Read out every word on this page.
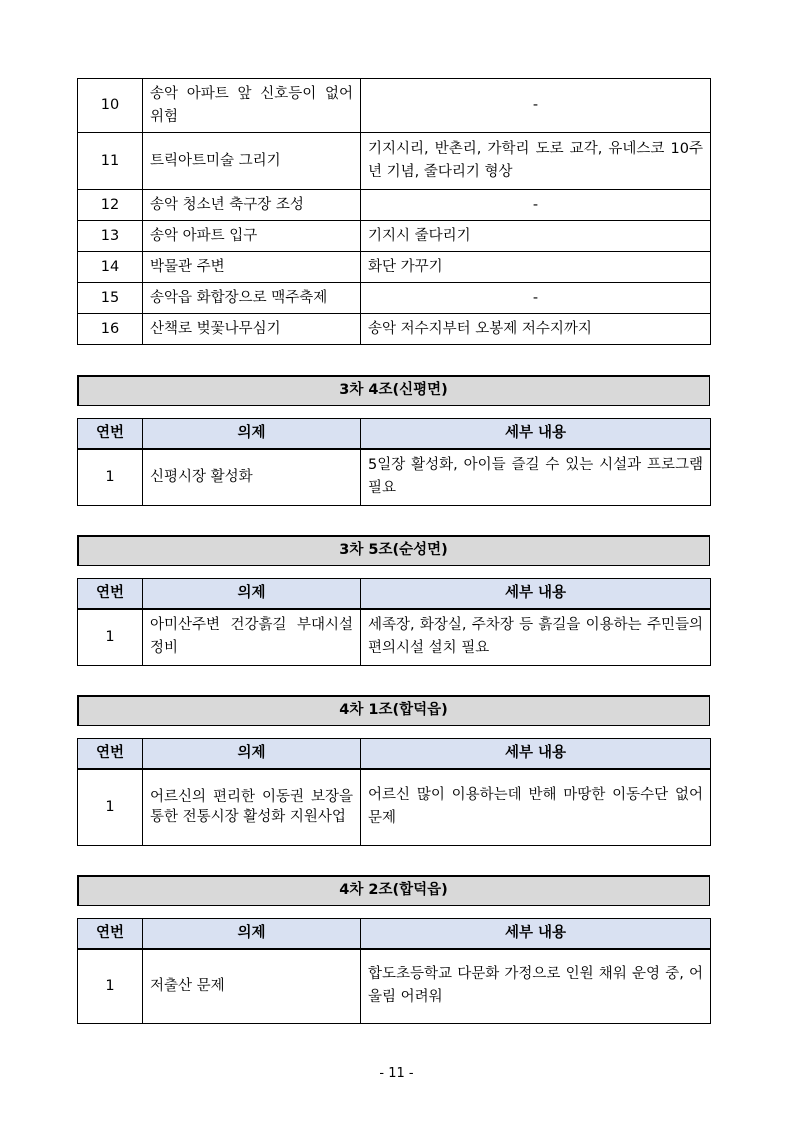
10	송악 아파트 앞 신호등이 없어 위험	-
11	트릭아트미술 그리기	기지시리, 반촌리, 가학리 도로 교각, 유네스코 10주년 기념, 줄다리기 형상
12	송악 청소년 축구장 조성	-
13	송악 아파트 입구	기지시 줄다리기
14	박물관 주변	화단 가꾸기
15	송악읍 화합장으로 맥주축제	-
16	산책로 벚꽃나무심기	송악 저수지부터 오봉제 저수지까지
3차 4조(신평면)
연번	의제	세부 내용
1	신평시장 활성화	5일장 활성화, 아이들 즐길 수 있는 시설과 프로그램 필요
3차 5조(순성면)
연번	의제	세부 내용
1	아미산주변 건강흙길 부대시설 정비	세족장, 화장실, 주차장 등 흙길을 이용하는 주민들의 편의시설 설치 필요
4차 1조(합덕읍)
연번	의제	세부 내용
1	어르신의 편리한 이동권 보장을 통한 전통시장 활성화 지원사업	어르신 많이 이용하는데 반해 마땅한 이동수단 없어 문제
4차 2조(합덕읍)
연번	의제	세부 내용
1	저출산 문제	합도초등학교 다문화 가정으로 인원 채워 운영 중, 어울림 어려워
- 11 -
